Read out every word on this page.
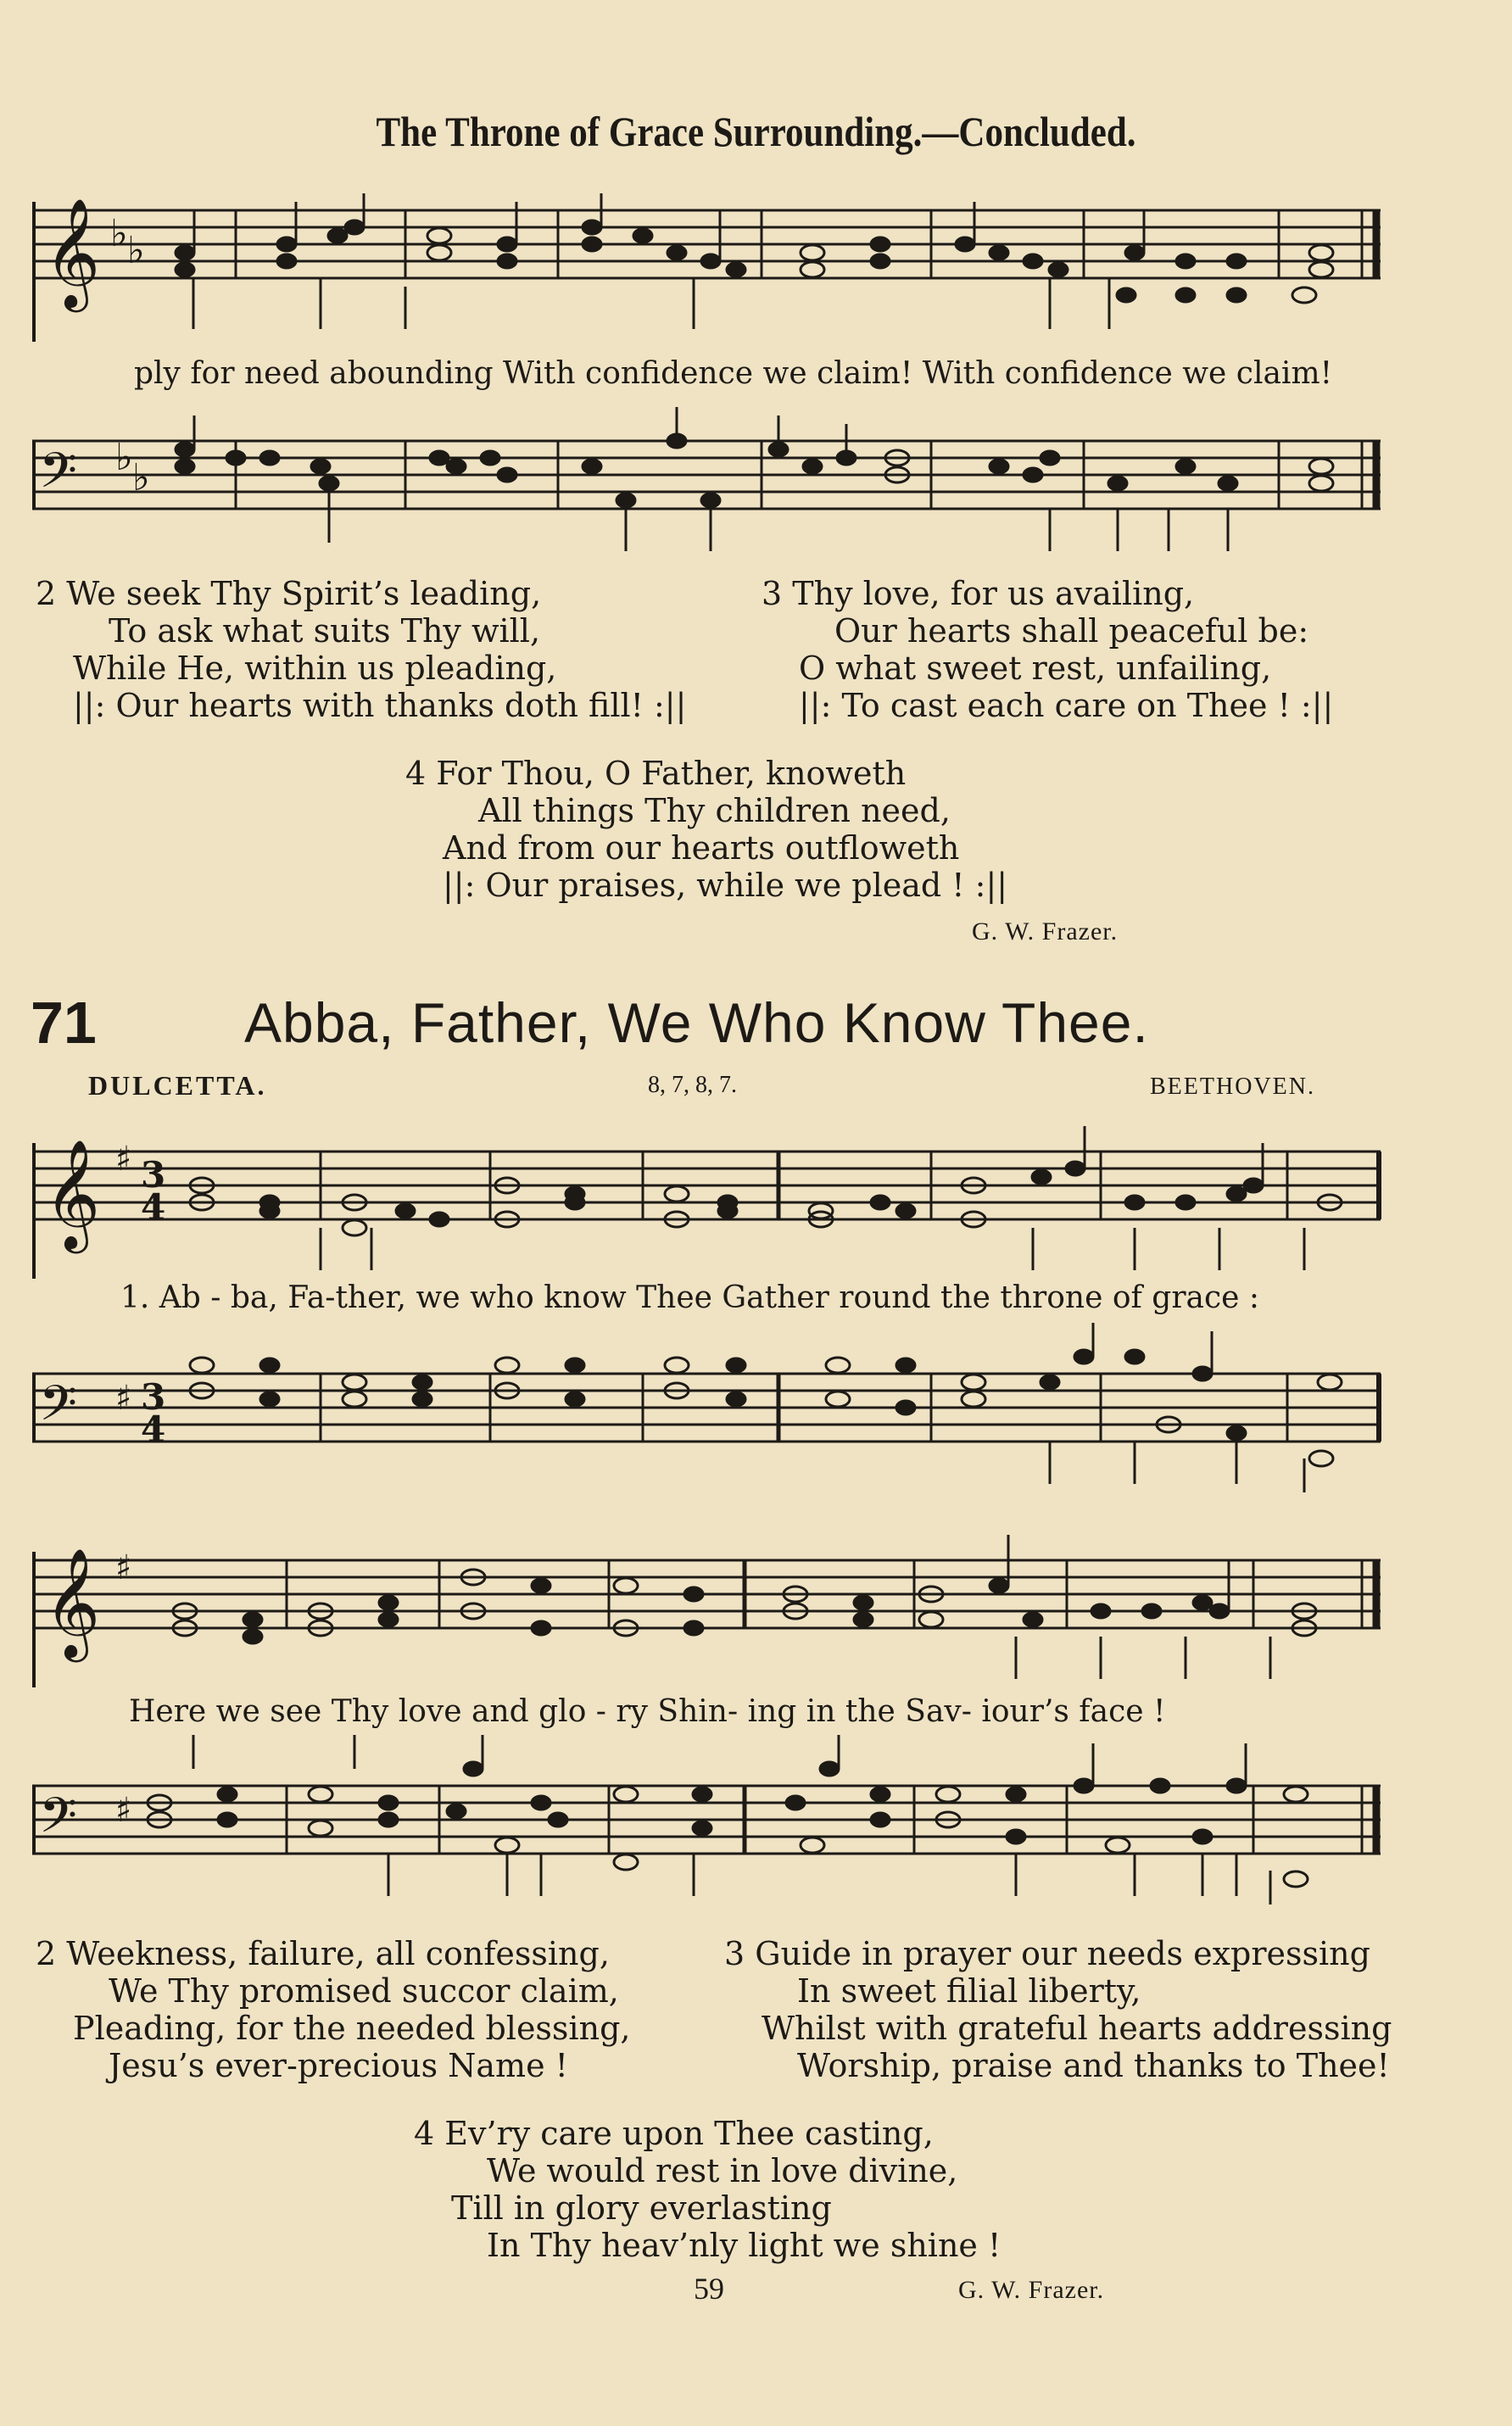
The Throne of Grace Surrounding.—Concluded.
𝄞 ♭ ♭
ply for need abounding With confidence we claim! With confidence we claim!
𝄢 ♭ ♭
2 We seek Thy Spirit’s leading,
To ask what suits Thy will,
While He, within us pleading,
||: Our hearts with thanks doth fill! :||
3 Thy love, for us availing,
Our hearts shall peaceful be:
O what sweet rest, unfailing,
||: To cast each care on Thee ! :||
4 For Thou, O Father, knoweth
All things Thy children need,
And from our hearts outfloweth
||: Our praises, while we plead ! :||
G. W. Frazer.
71	Abba, Father, We Who Know Thee.
DULCETTA.	8, 7, 8, 7.	BEETHOVEN.
𝄞 ♯ 3
4
1. Ab - ba, Fa-ther, we who know Thee Gather round the throne of grace :
𝄢 ♯ 3
4
𝄞 ♯
Here we see Thy love and glo - ry Shin- ing in the Sav- iour’s face !
𝄢 ♯
2 Weekness, failure, all confessing,
We Thy promised succor claim,
Pleading, for the needed blessing,
Jesu’s ever-precious Name !
3 Guide in prayer our needs expressing
In sweet filial liberty,
Whilst with grateful hearts addressing
Worship, praise and thanks to Thee!
4 Ev’ry care upon Thee casting,
We would rest in love divine,
Till in glory everlasting
In Thy heav’nly light we shine !
59	G. W. Frazer.
